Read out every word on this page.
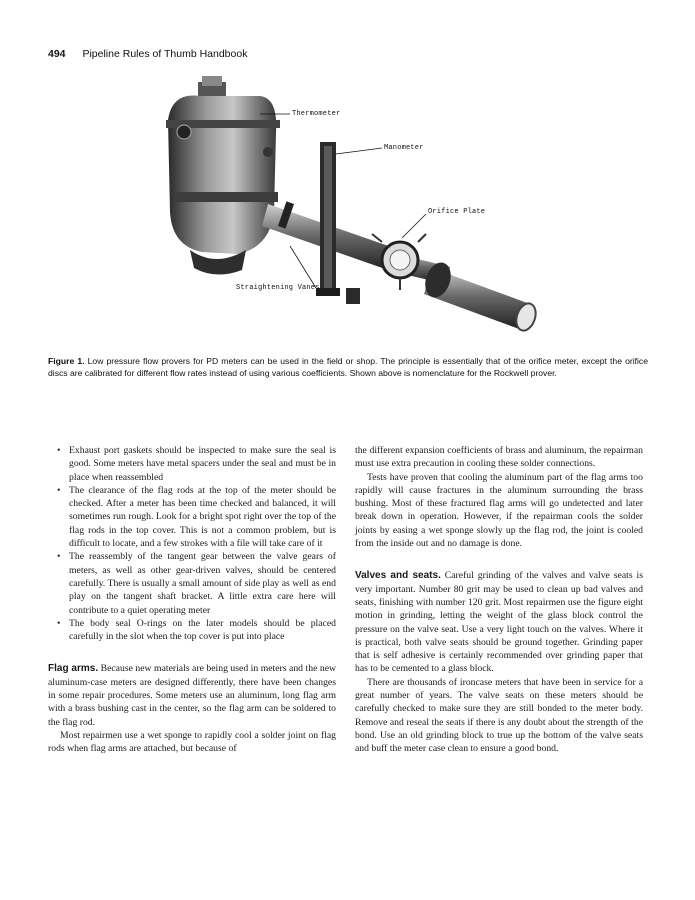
494 Pipeline Rules of Thumb Handbook
Thermometer
Manometer
Orifice Plate
Straightening Vanes
Figure 1. Low pressure flow provers for PD meters can be used in the field or shop. The principle is essentially that of the orifice meter, except the orifice discs are calibrated for different flow rates instead of using various coefficients. Shown above is nomenclature for the Rockwell prover.
• Exhaust port gaskets should be inspected to make sure the seal is good. Some meters have metal spacers under the seal and must be in place when reassembled
• The clearance of the flag rods at the top of the meter should be checked. After a meter has been time checked and balanced, it will sometimes run rough. Look for a bright spot right over the top of the flag rods in the top cover. This is not a common problem, but is difficult to locate, and a few strokes with a file will take care of it
• The reassembly of the tangent gear between the valve gears of meters, as well as other gear-driven valves, should be centered carefully. There is usually a small amount of side play as well as end play on the tangent shaft bracket. A little extra care here will contribute to a quiet operating meter
• The body seal O-rings on the later models should be placed carefully in the slot when the top cover is put into place

Flag arms. Because new materials are being used in meters and the new aluminum-case meters are designed differently, there have been changes in some repair procedures. Some meters use an aluminum, long flag arm with a brass bushing cast in the center, so the flag arm can be soldered to the flag rod.

Most repairmen use a wet sponge to rapidly cool a solder joint on flag rods when flag arms are attached, but because of

the different expansion coefficients of brass and aluminum, the repairman must use extra precaution in cooling these solder connections.

Tests have proven that cooling the aluminum part of the flag arms too rapidly will cause fractures in the aluminum surrounding the brass bushing. Most of these fractured flag arms will go undetected and later break down in operation. However, if the repairman cools the solder joints by easing a wet sponge slowly up the flag rod, the joint is cooled from the inside out and no damage is done.

Valves and seats. Careful grinding of the valves and valve seats is very important. Number 80 grit may be used to clean up bad valves and seats, finishing with number 120 grit. Most repairmen use the figure eight motion in grinding, letting the weight of the glass block control the pressure on the valve seat. Use a very light touch on the valves. Where it is practical, both valve seats should be ground together. Grinding paper that is self adhesive is certainly recommended over grinding paper that has to be cemented to a glass block.

There are thousands of ironcase meters that have been in service for a great number of years. The valve seats on these meters should be carefully checked to make sure they are still bonded to the meter body. Remove and reseal the seats if there is any doubt about the strength of the bond. Use an old grinding block to true up the bottom of the valve seats and buff the meter case clean to ensure a good bond.
